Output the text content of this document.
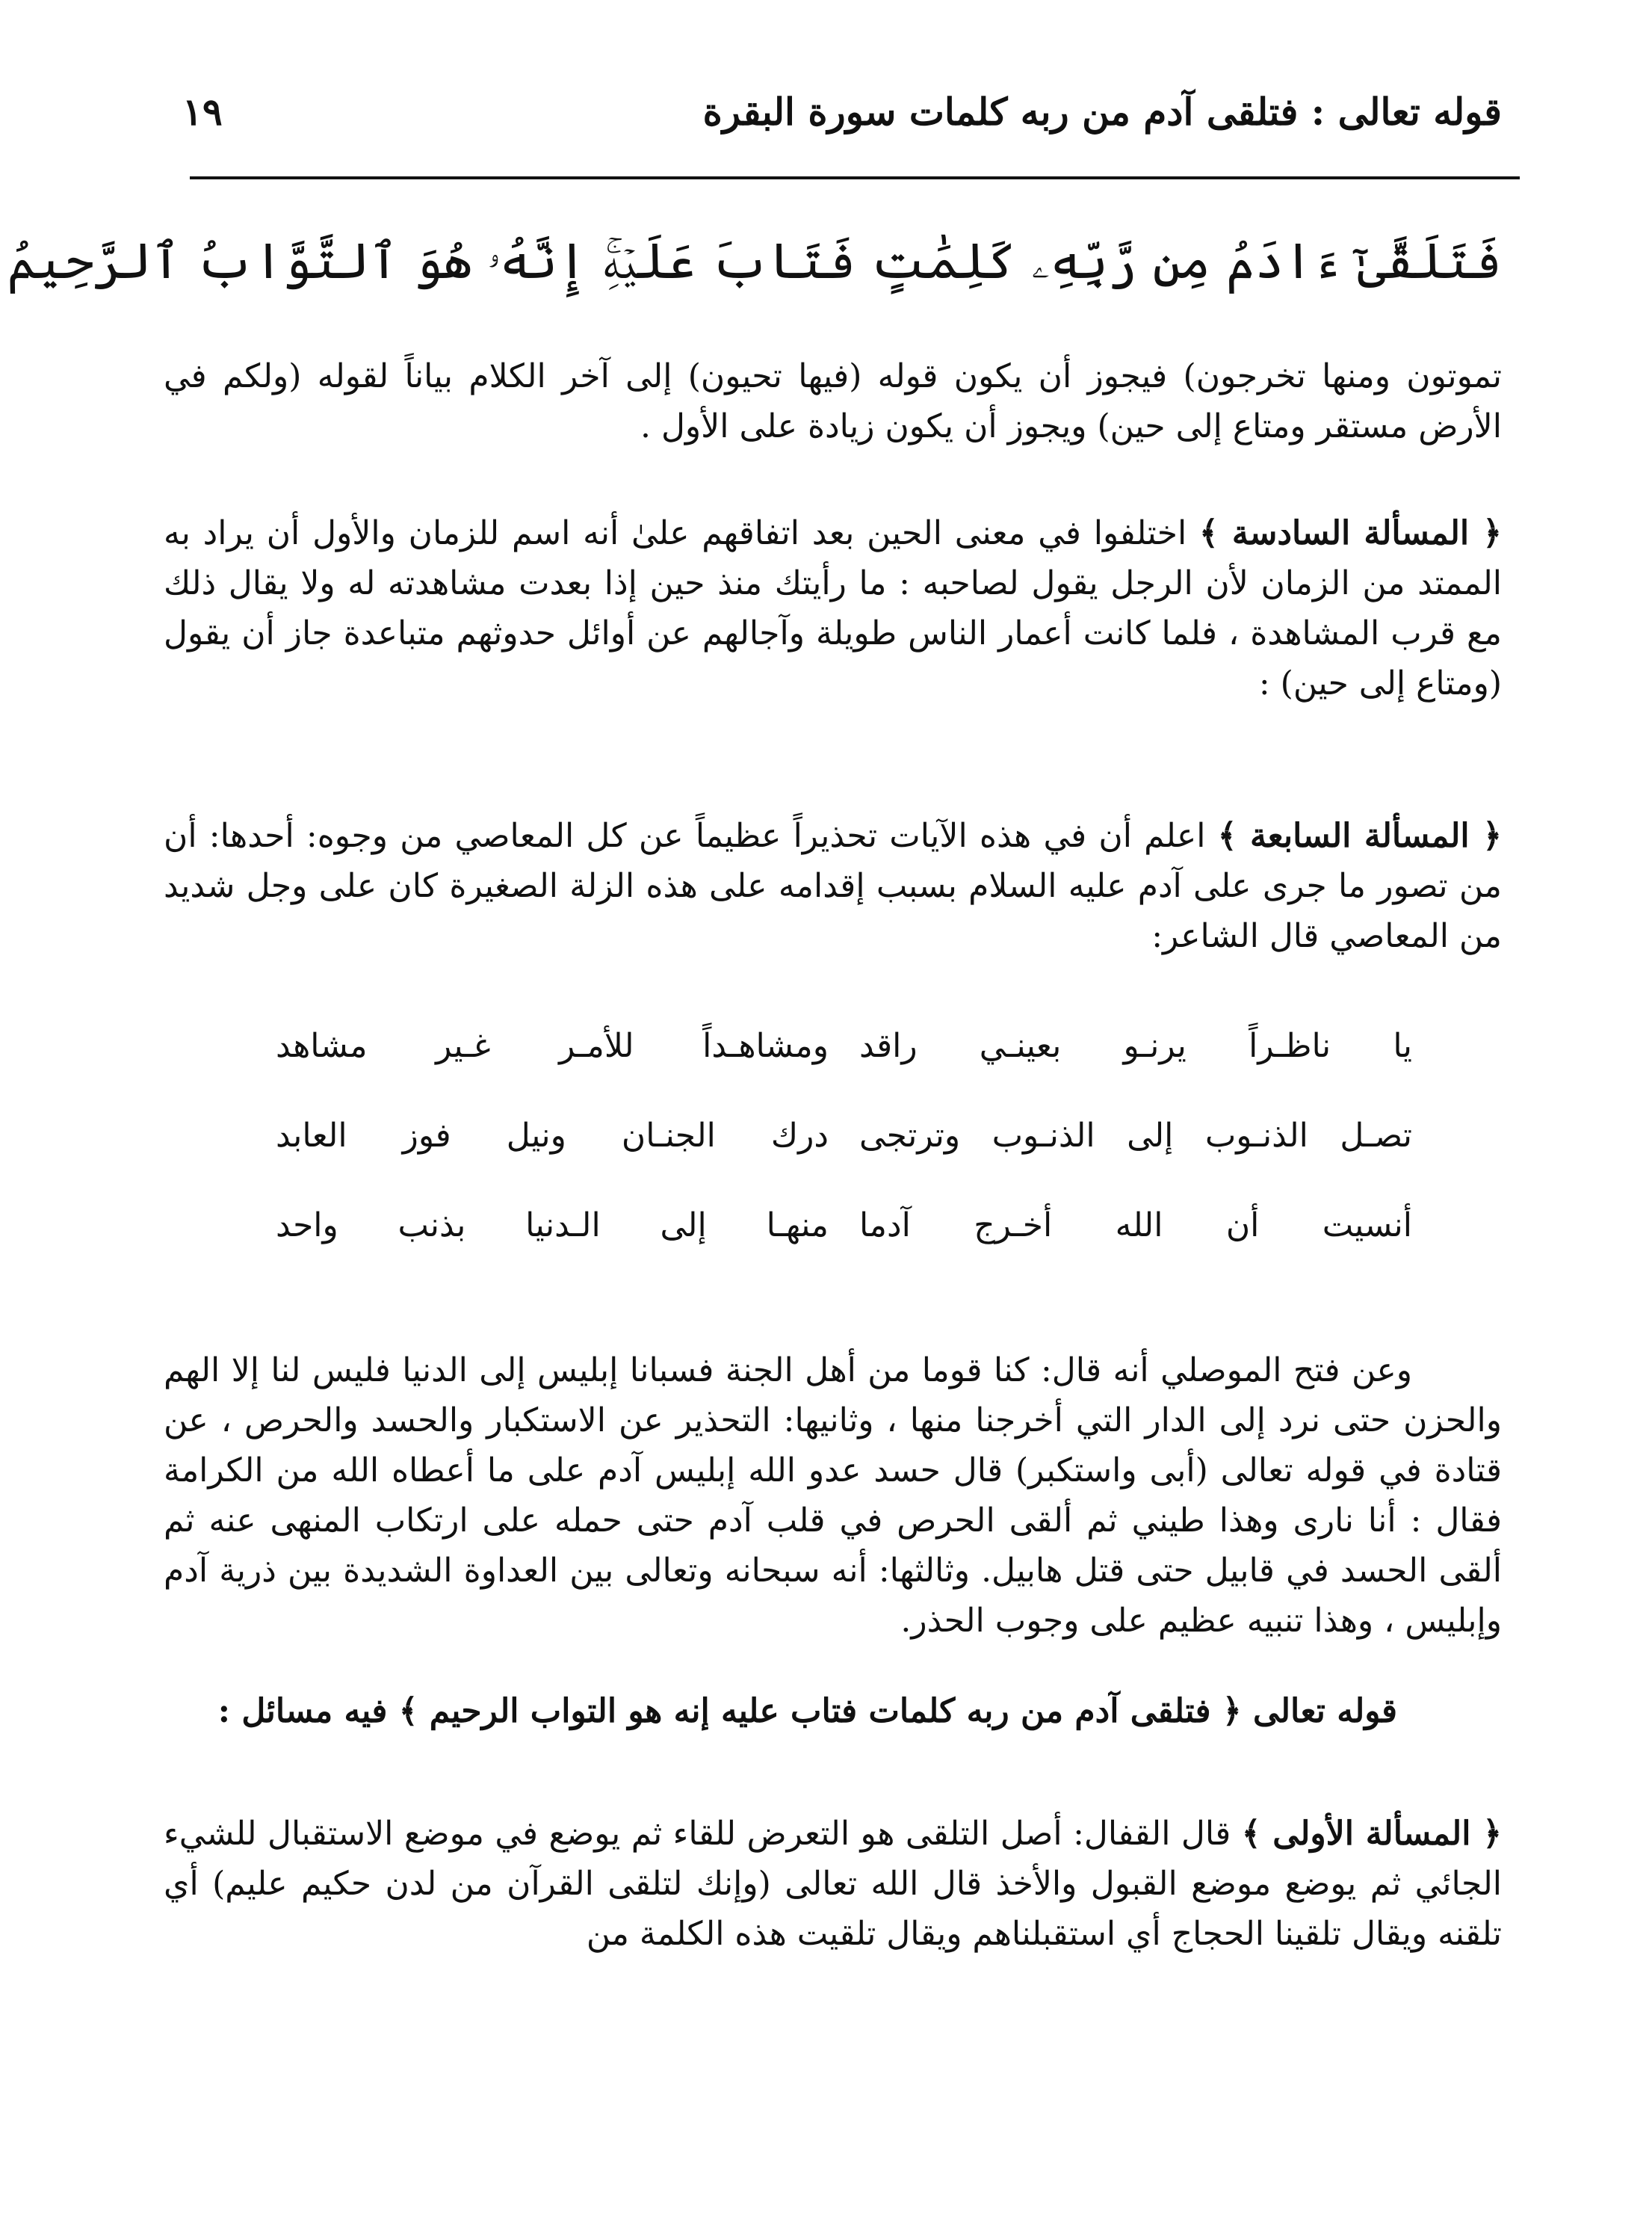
قوله تعالى : فتلقى آدم من ربه كلمات سورة البقرة
١٩
فَتَلَقَّىٰٓ ءَادَمُ مِن رَّبِّهِۦ كَلِمَٰتٍ فَتَابَ عَلَيۡهِۚ إِنَّهُۥ هُوَ ٱلتَّوَّابُ ٱلرَّحِيمُ

تموتون ومنها تخرجون) فيجوز أن يكون قوله (فيها تحيون) إلى آخر الكلام بياناً لقوله (ولكم في الأرض مستقر ومتاع إلى حين) ويجوز أن يكون زيادة على الأول .

﴿ المسألة السادسة ﴾ اختلفوا في معنى الحين بعد اتفاقهم علىٰ أنه اسم للزمان والأول أن يراد به الممتد من الزمان لأن الرجل يقول لصاحبه : ما رأيتك منذ حين إذا بعدت مشاهدته له ولا يقال ذلك مع قرب المشاهدة ، فلما كانت أعمار الناس طويلة وآجالهم عن أوائل حدوثهم متباعدة جاز أن يقول (ومتاع إلى حين) :

﴿ المسألة السابعة ﴾ اعلم أن في هذه الآيات تحذيراً عظيماً عن كل المعاصي من وجوه: أحدها: أن من تصور ما جرى على آدم عليه السلام بسبب إقدامه على هذه الزلة الصغيرة كان على وجل شديد من المعاصي قال الشاعر:

يا ناظـراً يرنـو بعينـي راقد
ومشاهـداً للأمـر غـير مشاهد
تصـل الذنـوب إلى الذنـوب وترتجى
درك الجنـان ونيل فوز العابد
أنسيت أن الله أخـرج آدما
منهـا إلى الـدنيا بذنب واحد

وعن فتح الموصلي أنه قال: كنا قوما من أهل الجنة فسبانا إبليس إلى الدنيا فليس لنا إلا الهم والحزن حتى نرد إلى الدار التي أخرجنا منها ، وثانيها: التحذير عن الاستكبار والحسد والحرص ، عن قتادة في قوله تعالى (أبى واستكبر) قال حسد عدو الله إبليس آدم على ما أعطاه الله من الكرامة فقال : أنا نارى وهذا طيني ثم ألقى الحرص في قلب آدم حتى حمله على ارتكاب المنهى عنه ثم ألقى الحسد في قابيل حتى قتل هابيل. وثالثها: أنه سبحانه وتعالى بين العداوة الشديدة بين ذرية آدم وإبليس ، وهذا تنبيه عظيم على وجوب الحذر.

قوله تعالى ﴿ فتلقى آدم من ربه كلمات فتاب عليه إنه هو التواب الرحيم ﴾ فيه مسائل :

﴿ المسألة الأولى ﴾ قال القفال: أصل التلقى هو التعرض للقاء ثم يوضع في موضع الاستقبال للشيء الجائي ثم يوضع موضع القبول والأخذ قال الله تعالى (وإنك لتلقى القرآن من لدن حكيم عليم) أي تلقنه ويقال تلقينا الحجاج أي استقبلناهم ويقال تلقيت هذه الكلمة من
